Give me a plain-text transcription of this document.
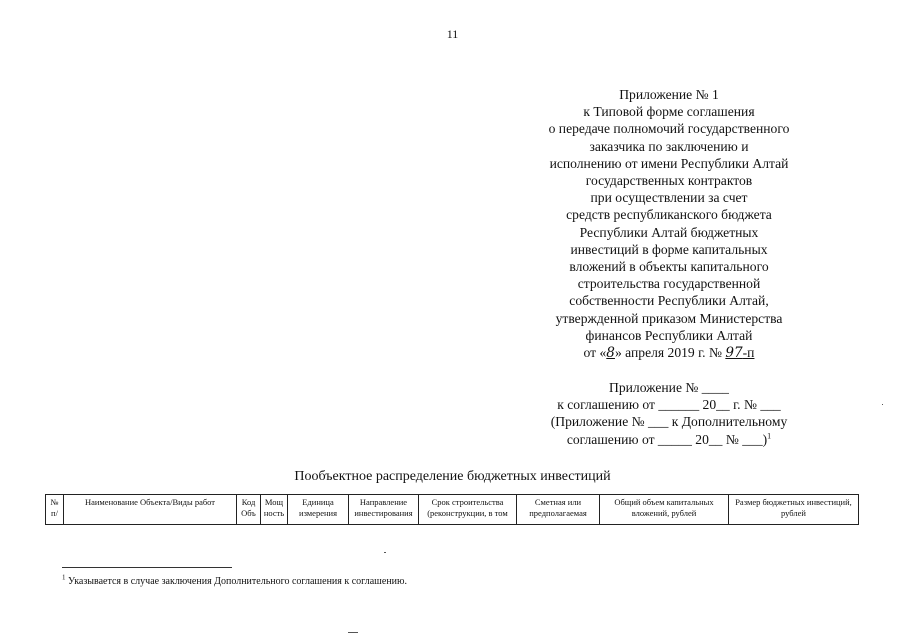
11
Приложение № 1
к Типовой форме соглашения
о передаче полномочий государственного
заказчика по заключению и
исполнению от имени Республики Алтай
государственных контрактов
при осуществлении за счет
средств республиканского бюджета
Республики Алтай бюджетных
инвестиций в форме капитальных
вложений в объекты капитального
строительства государственной
собственности Республики Алтай,
утвержденной приказом Министерства
финансов Республики Алтай
от «8» апреля 2019 г. № 97-п
Приложение № ____
к соглашению от ______ 20__ г. № ___
(Приложение № ___ к Дополнительному
соглашению от _____ 20__ № ___)$^1$
Пообъектное распределение бюджетных инвестиций
№ п/	Наименование Объекта/Виды работ	Код Объ	Мощ ность	Единица измерения	Направление инвестирования	Срок строительства (реконструкции, в том	Сметная или предполагаемая	Общий объем капитальных вложений, рублей	Размер бюджетных инвестиций, рублей
$^1$ Указывается в случае заключения Дополнительного соглашения к соглашению.
